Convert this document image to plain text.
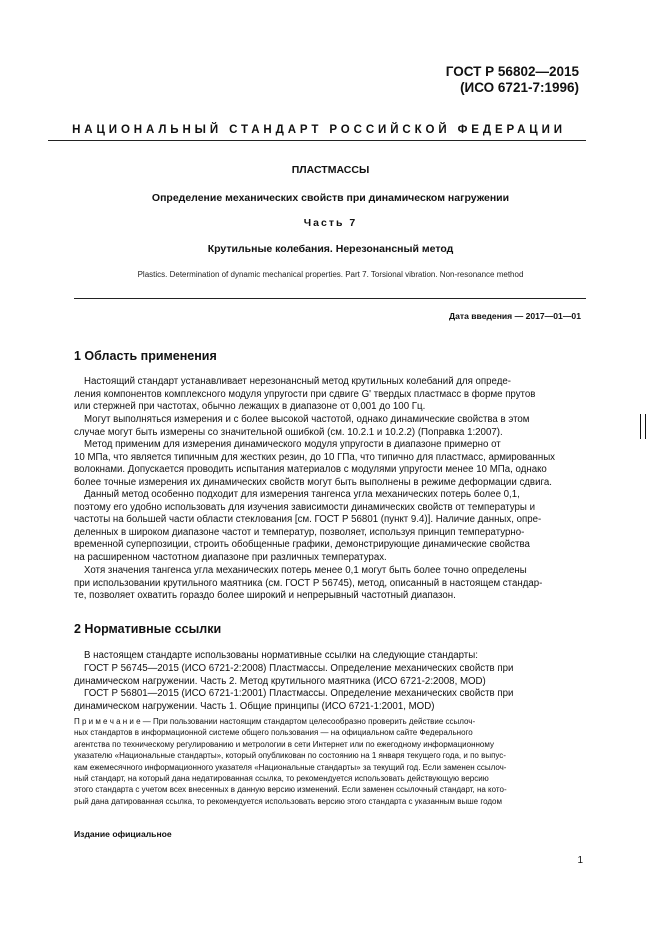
ГОСТ Р 56802—2015
(ИСО 6721-7:1996)
НАЦИОНАЛЬНЫЙ СТАНДАРТ РОССИЙСКОЙ ФЕДЕРАЦИИ
ПЛАСТМАССЫ
Определение механических свойств при динамическом нагружении
Часть 7
Крутильные колебания. Нерезонансный метод
Plastics. Determination of dynamic mechanical properties. Part 7. Torsional vibration. Non-resonance method
Дата введения — 2017—01—01
1 Область применения
Настоящий стандарт устанавливает нерезонансный метод крутильных колебаний для опреде-
ления компонентов комплексного модуля упругости при сдвиге G' твердых пластмасс в форме прутов
или стержней при частотах, обычно лежащих в диапазоне от 0,001 до 100 Гц.
Могут выполняться измерения и с более высокой частотой, однако динамические свойства в этом
случае могут быть измерены со значительной ошибкой (см. 10.2.1 и 10.2.2) (Поправка 1:2007).
Метод применим для измерения динамического модуля упругости в диапазоне примерно от
10 МПа, что является типичным для жестких резин, до 10 ГПа, что типично для пластмасс, армированных
волокнами. Допускается проводить испытания материалов с модулями упругости менее 10 МПа, однако
более точные измерения их динамических свойств могут быть выполнены в режиме деформации сдвига.
Данный метод особенно подходит для измерения тангенса угла механических потерь более 0,1,
поэтому его удобно использовать для изучения зависимости динамических свойств от температуры и
частоты на большей части области стеклования [см. ГОСТ Р 56801 (пункт 9.4)]. Наличие данных, опре-
деленных в широком диапазоне частот и температур, позволяет, используя принцип температурно-
временной суперпозиции, строить обобщенные графики, демонстрирующие динамические свойства
на расширенном частотном диапазоне при различных температурах.
Хотя значения тангенса угла механических потерь менее 0,1 могут быть более точно определены
при использовании крутильного маятника (см. ГОСТ Р 56745), метод, описанный в настоящем стандар-
те, позволяет охватить гораздо более широкий и непрерывный частотный диапазон.
2 Нормативные ссылки
В настоящем стандарте использованы нормативные ссылки на следующие стандарты:
ГОСТ Р 56745—2015 (ИСО 6721-2:2008) Пластмассы. Определение механических свойств при
динамическом нагружении. Часть 2. Метод крутильного маятника (ИСО 6721-2:2008, MOD)
ГОСТ Р 56801—2015 (ИСО 6721-1:2001) Пластмассы. Определение механических свойств при
динамическом нагружении. Часть 1. Общие принципы (ИСО 6721-1:2001, MOD)
П р и м е ч а н и е — При пользовании настоящим стандартом целесообразно проверить действие ссылоч-
ных стандартов в информационной системе общего пользования — на официальном сайте Федерального
агентства по техническому регулированию и метрологии в сети Интернет или по ежегодному информационному
указателю «Национальные стандарты», который опубликован по состоянию на 1 января текущего года, и по выпус-
кам ежемесячного информационного указателя «Национальные стандарты» за текущий год. Если заменен ссылоч-
ный стандарт, на который дана недатированная ссылка, то рекомендуется использовать действующую версию
этого стандарта с учетом всех внесенных в данную версию изменений. Если заменен ссылочный стандарт, на кото-
рый дана датированная ссылка, то рекомендуется использовать версию этого стандарта с указанным выше годом
Издание официальное
1
